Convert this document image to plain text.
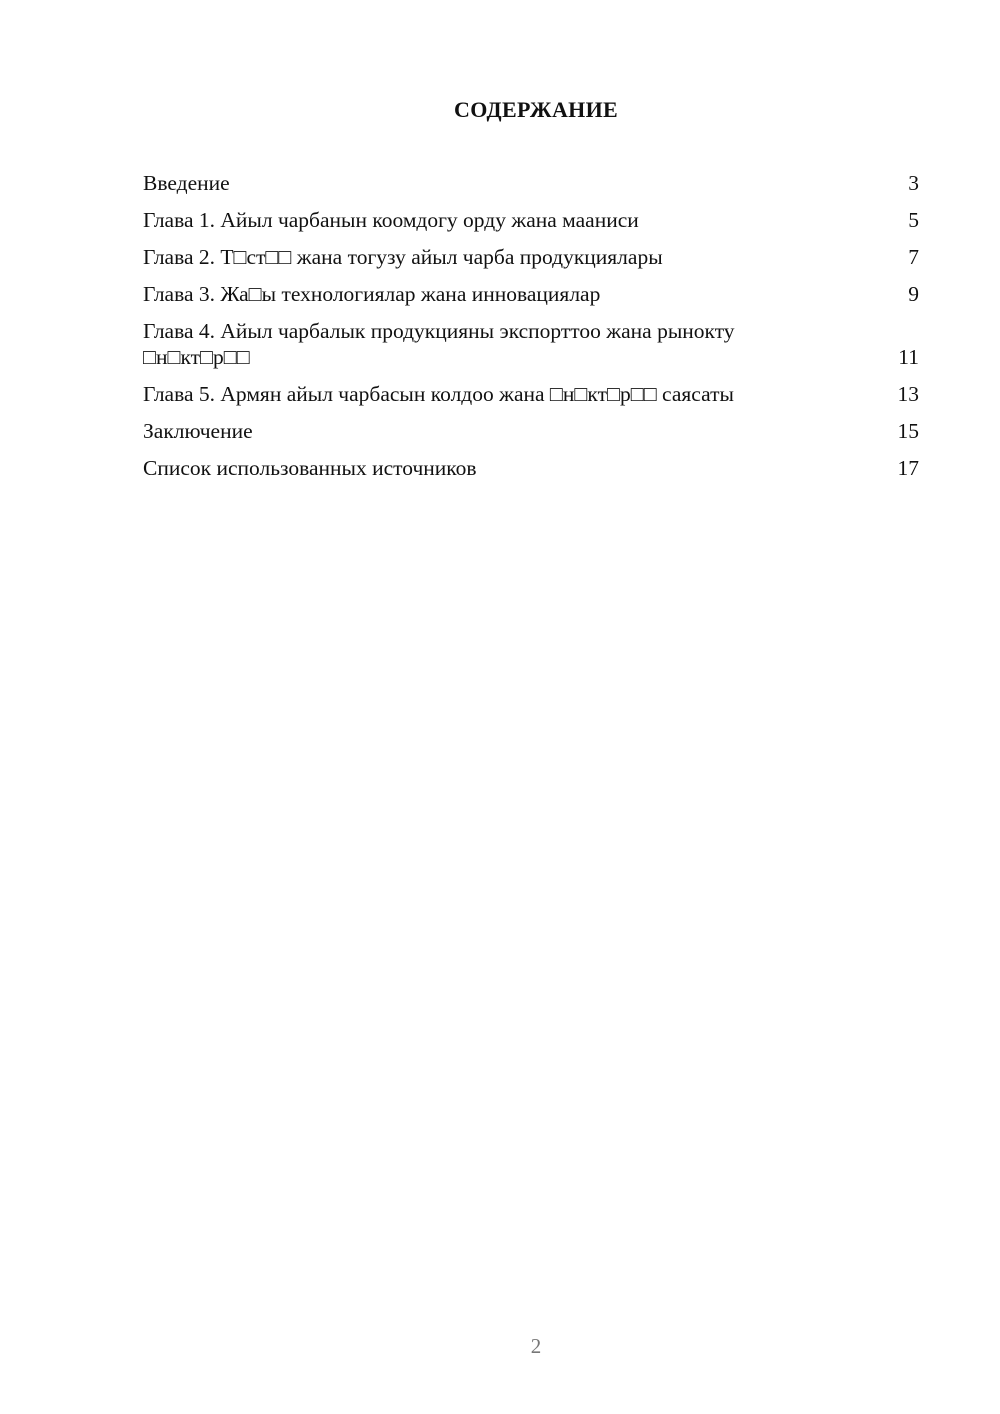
СОДЕРЖАНИЕ
Введение	3
Глава 1. Айыл чарбанын коомдогу орду жана мааниси	5
Глава 2. Т□ст□□ жана тогузу айыл чарба продукциялары	7
Глава 3. Жа□ы технологиялар жана инновациялар	9
Глава 4. Айыл чарбалык продукцияны экспорттоо жана рынокту □н□кт□р□□	11
Глава 5. Армян айыл чарбасын колдоо жана □н□кт□р□□ саясаты	13
Заключение	15
Список использованных источников	17
2
